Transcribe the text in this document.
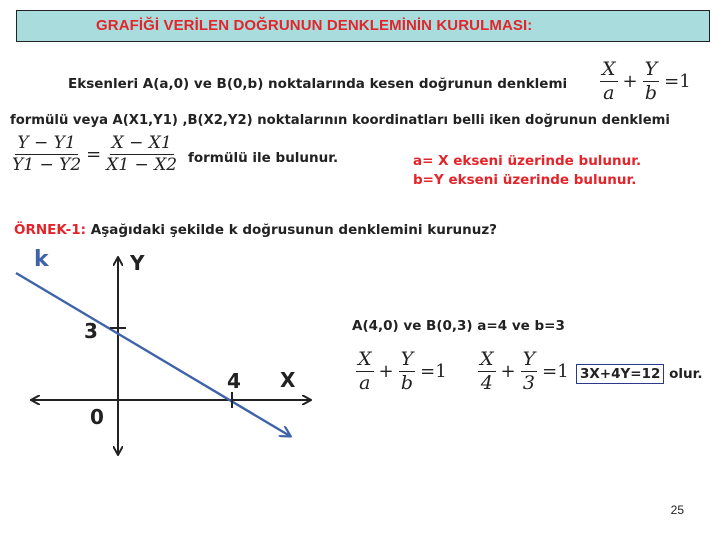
GRAFİĞİ VERİLEN DOĞRUNUN DENKLEMİNİN KURULMASI:
Eksenleri A(a,0) ve B(0,b) noktalarında kesen doğrunun denklemi $\frac{X}{a} + \frac{Y}{b} =1$
formülü veya A(X1,Y1) ,B(X2,Y2) noktalarının koordinatları belli iken doğrunun denklemi
$\frac{Y - Y1}{Y1 - Y2} = \frac{X - X1}{X1 - X2}$ formülü ile bulunur.	a= X ekseni üzerinde bulunur.
b=Y ekseni üzerinde bulunur.
ÖRNEK-1: Aşağıdaki şekilde k doğrusunun denklemini kurunuz?
k	Y
X
0
3
4
A(4,0) ve B(0,3) a=4 ve b=3
$\frac{X}{a} + \frac{Y}{b} =1 \frac{X}{4} + \frac{Y}{3} =1$ 3X+4Y=12 olur.
25
